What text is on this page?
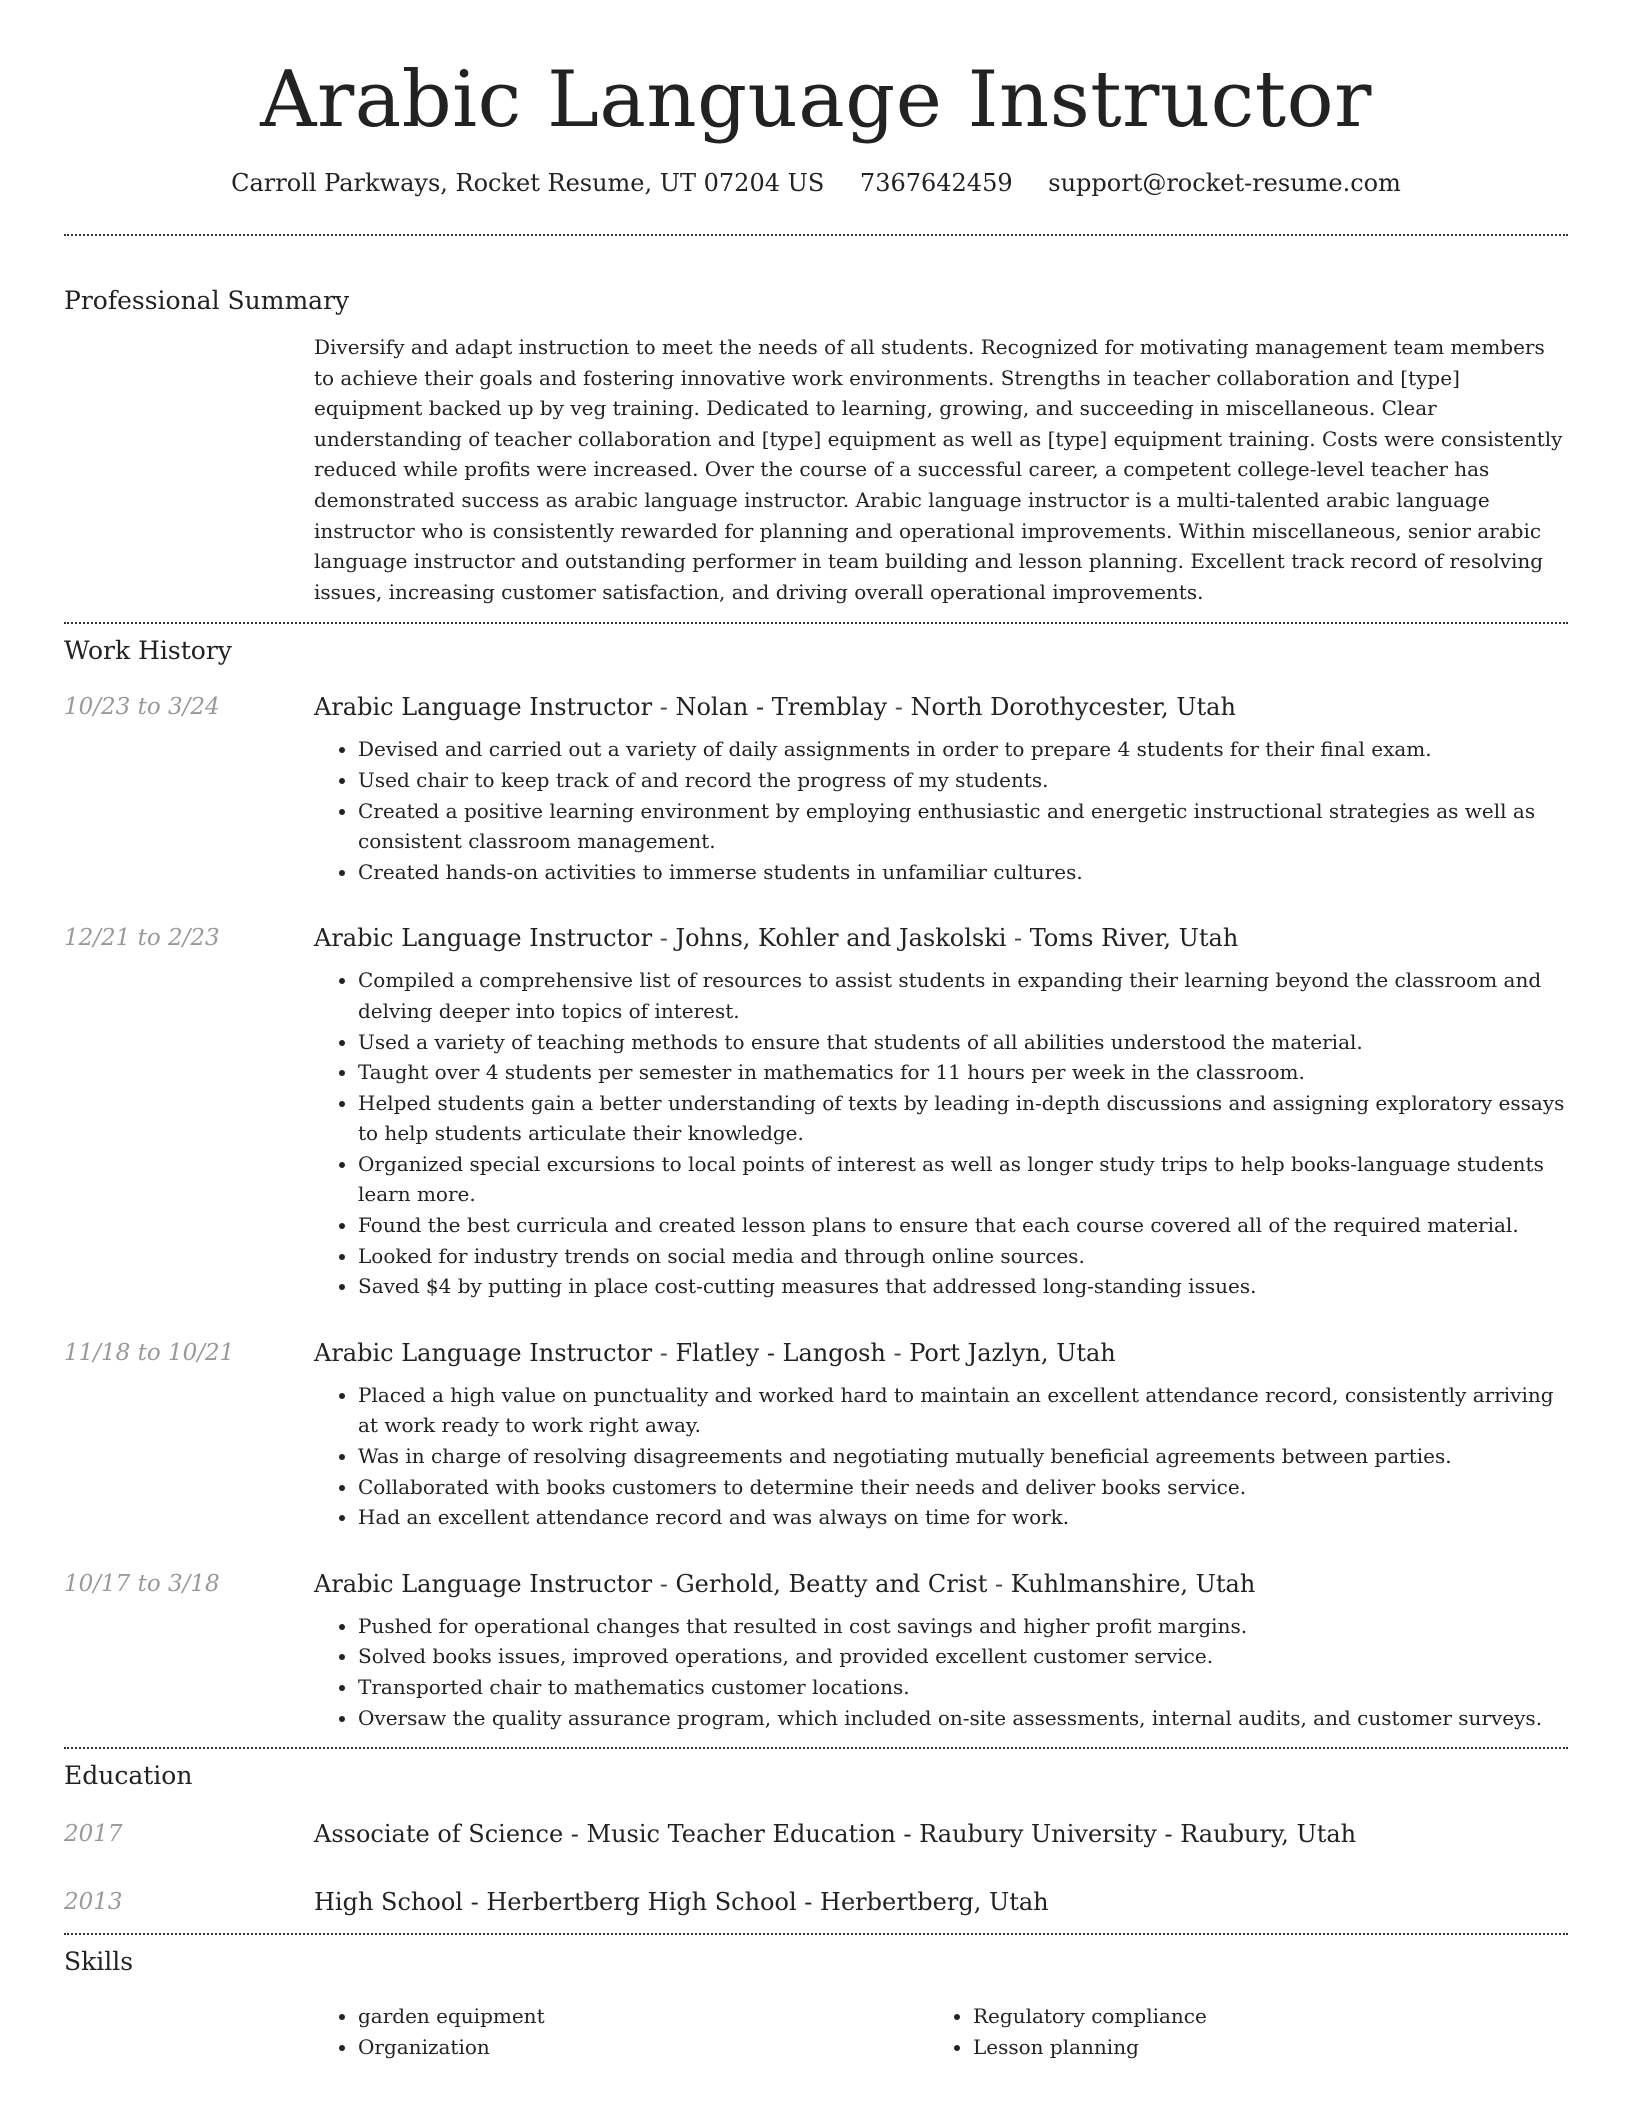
Arabic Language Instructor
Carroll Parkways, Rocket Resume, UT 07204 US 7367642459 support@rocket-resume.com
Professional Summary

Diversify and adapt instruction to meet the needs of all students. Recognized for motivating management team members to achieve their goals and fostering innovative work environments. Strengths in teacher collaboration and [type] equipment backed up by veg training. Dedicated to learning, growing, and succeeding in miscellaneous. Clear understanding of teacher collaboration and [type] equipment as well as [type] equipment training. Costs were consistently reduced while profits were increased. Over the course of a successful career, a competent college-level teacher has demonstrated success as arabic language instructor. Arabic language instructor is a multi-talented arabic language instructor who is consistently rewarded for planning and operational improvements. Within miscellaneous, senior arabic language instructor and outstanding performer in team building and lesson planning. Excellent track record of resolving issues, increasing customer satisfaction, and driving overall operational improvements.

Work History
10/23 to 3/24	Arabic Language Instructor - Nolan - Tremblay - North Dorothycester, Utah
• Devised and carried out a variety of daily assignments in order to prepare 4 students for their final exam.
• Used chair to keep track of and record the progress of my students.
• Created a positive learning environment by employing enthusiastic and energetic instructional strategies as well as consistent classroom management.
• Created hands-on activities to immerse students in unfamiliar cultures.
12/21 to 2/23	Arabic Language Instructor - Johns, Kohler and Jaskolski - Toms River, Utah
• Compiled a comprehensive list of resources to assist students in expanding their learning beyond the classroom and delving deeper into topics of interest.
• Used a variety of teaching methods to ensure that students of all abilities understood the material.
• Taught over 4 students per semester in mathematics for 11 hours per week in the classroom.
• Helped students gain a better understanding of texts by leading in-depth discussions and assigning exploratory essays to help students articulate their knowledge.
• Organized special excursions to local points of interest as well as longer study trips to help books-language students learn more.
• Found the best curricula and created lesson plans to ensure that each course covered all of the required material.
• Looked for industry trends on social media and through online sources.
• Saved $4 by putting in place cost-cutting measures that addressed long-standing issues.
11/18 to 10/21	Arabic Language Instructor - Flatley - Langosh - Port Jazlyn, Utah
• Placed a high value on punctuality and worked hard to maintain an excellent attendance record, consistently arriving at work ready to work right away.
• Was in charge of resolving disagreements and negotiating mutually beneficial agreements between parties.
• Collaborated with books customers to determine their needs and deliver books service.
• Had an excellent attendance record and was always on time for work.
10/17 to 3/18	Arabic Language Instructor - Gerhold, Beatty and Crist - Kuhlmanshire, Utah
• Pushed for operational changes that resulted in cost savings and higher profit margins.
• Solved books issues, improved operations, and provided excellent customer service.
• Transported chair to mathematics customer locations.
• Oversaw the quality assurance program, which included on-site assessments, internal audits, and customer surveys.
Education
2017	Associate of Science - Music Teacher Education - Raubury University - Raubury, Utah
2013	High School - Herbertberg High School - Herbertberg, Utah
Skills
• garden equipment
• Organization
• Regulatory compliance
• Lesson planning
